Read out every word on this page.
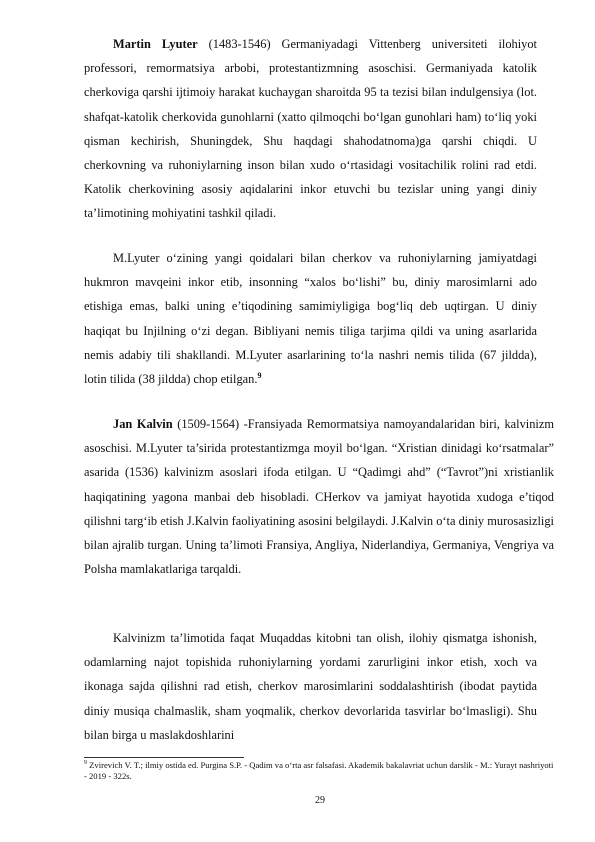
Martin Lyuter (1483-1546) Germaniyadagi Vittenberg universiteti ilohiyot professori, remormatsiya arbobi, protestantizmning asoschisi. Germaniyada katolik cherkoviga qarshi ijtimoiy harakat kuchaygan sharoitda 95 ta tezisi bilan indulgensiya (lot. shafqat-katolik cherkovida gunohlarni (xatto qilmoqchi bo‘lgan gunohlari ham) to‘liq yoki qisman kechirish, Shuningdek, Shu haqdagi shahodatnoma)ga qarshi chiqdi. U cherkovning va ruhoniylarning inson bilan xudo o‘rtasidagi vositachilik rolini rad etdi. Katolik cherkovining asosiy aqidalarini inkor etuvchi bu tezislar uning yangi diniy ta’limotining mohiyatini tashkil qiladi.

M.Lyuter o‘zining yangi qoidalari bilan cherkov va ruhoniylarning jamiyatdagi hukmron mavqeini inkor etib, insonning “xalos bo‘lishi” bu, diniy marosimlarni ado etishiga emas, balki uning e’tiqodining samimiyligiga bog‘liq deb uqtirgan. U diniy haqiqat bu Injilning o‘zi degan. Bibliyani nemis tiliga tarjima qildi va uning asarlarida nemis adabiy tili shakllandi. M.Lyuter asarlarining to‘la nashri nemis tilida (67 jildda), lotin tilida (38 jildda) chop etilgan.$^9$

Jan Kalvin (1509-1564) -Fransiyada Remormatsiya namoyandalaridan biri, kalvinizm asoschisi. M.Lyuter ta’sirida protestantizmga moyil bo‘lgan. “Xristian dinidagi ko‘rsatmalar” asarida (1536) kalvinizm asoslari ifoda etilgan. U “Qadimgi ahd” (“Tavrot”)ni xristianlik haqiqatining yagona manbai deb hisobladi. CHerkov va jamiyat hayotida xudoga e’tiqod qilishni targ‘ib etish J.Kalvin faoliyatining asosini belgilaydi. J.Kalvin o‘ta diniy murosasizligi bilan ajralib turgan. Uning ta’limoti Fransiya, Angliya, Niderlandiya, Germaniya, Vengriya va Polsha mamlakatlariga tarqaldi.

Kalvinizm ta’limotida faqat Muqaddas kitobni tan olish, ilohiy qismatga ishonish, odamlarning najot topishida ruhoniylarning yordami zarurligini inkor etish, xoch va ikonaga sajda qilishni rad etish, cherkov marosimlarini soddalashtirish (ibodat paytida diniy musiqa chalmaslik, sham yoqmalik, cherkov devorlarida tasvirlar bo‘lmasligi). Shu bilan birga u maslakdoshlarini

$^9$ Zvirevich V. T.; ilmiy ostida ed. Purgina S.P. - Qadim va o‘rta asr falsafasi. Akademik bakalavriat uchun darslik - M.: Yurayt nashriyoti - 2019 - 322s.

29
